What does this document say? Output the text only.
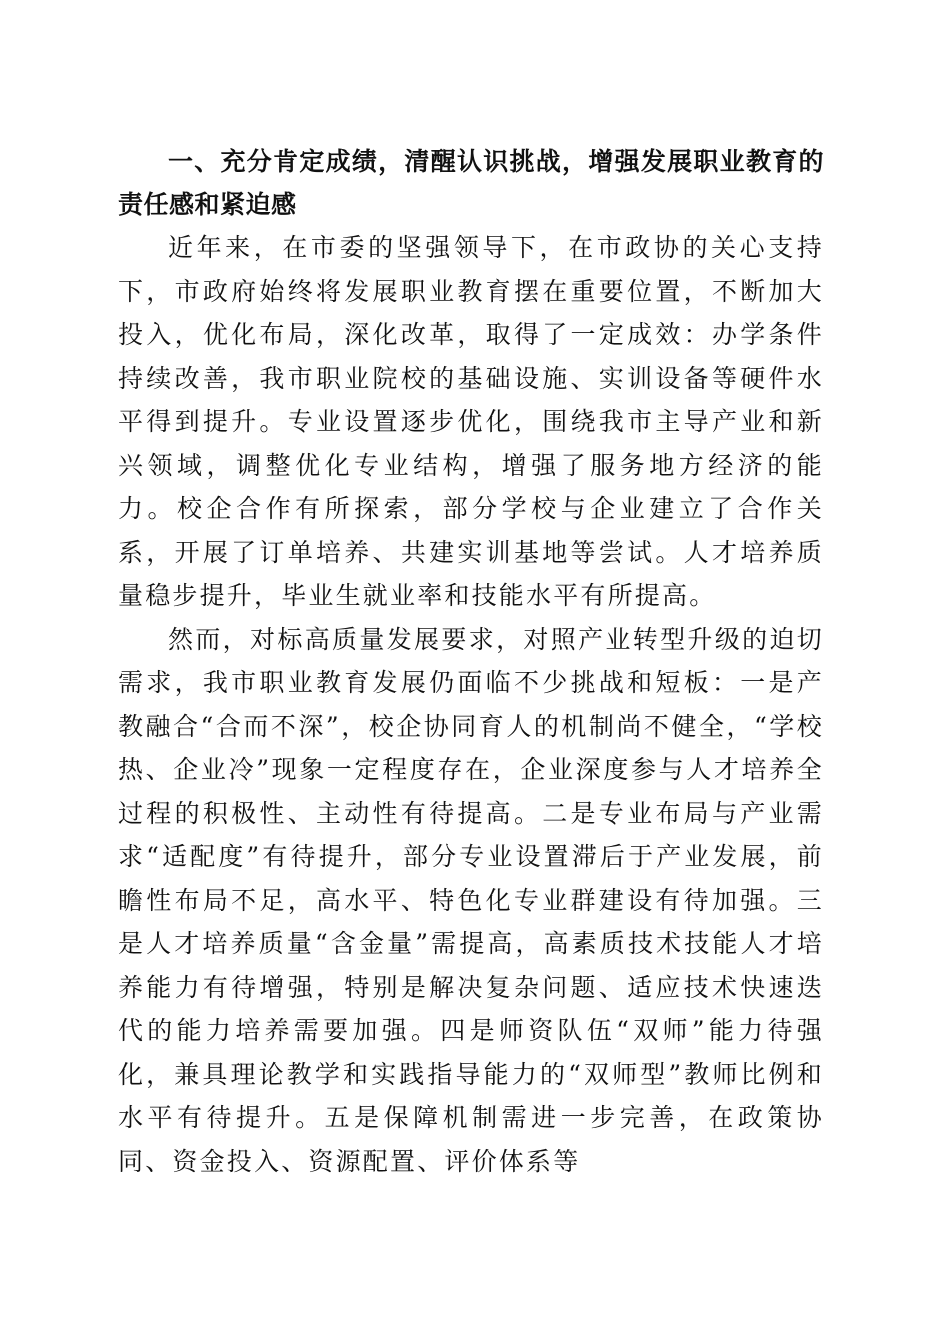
一、充分肯定成绩，清醒认识挑战，增强发展职业教育的责任感和紧迫感

近年来，在市委的坚强领导下，在市政协的关心支持下，市政府始终将发展职业教育摆在重要位置，不断加大投入，优化布局，深化改革，取得了一定成效：办学条件持续改善，我市职业院校的基础设施、实训设备等硬件水平得到提升。专业设置逐步优化，围绕我市主导产业和新兴领域，调整优化专业结构，增强了服务地方经济的能力。校企合作有所探索，部分学校与企业建立了合作关系，开展了订单培养、共建实训基地等尝试。人才培养质量稳步提升，毕业生就业率和技能水平有所提高。

然而，对标高质量发展要求，对照产业转型升级的迫切需求，我市职业教育发展仍面临不少挑战和短板：一是产教融合“合而不深”，校企协同育人的机制尚不健全，“学校热、企业冷”现象一定程度存在，企业深度参与人才培养全过程的积极性、主动性有待提高。二是专业布局与产业需求“适配度”有待提升，部分专业设置滞后于产业发展，前瞻性布局不足，高水平、特色化专业群建设有待加强。三是人才培养质量“含金量”需提高，高素质技术技能人才培养能力有待增强，特别是解决复杂问题、适应技术快速迭代的能力培养需要加强。四是师资队伍“双师”能力待强化，兼具理论教学和实践指导能力的“双师型”教师比例和水平有待提升。五是保障机制需进一步完善，在政策协同、资金投入、资源配置、评价体系等
